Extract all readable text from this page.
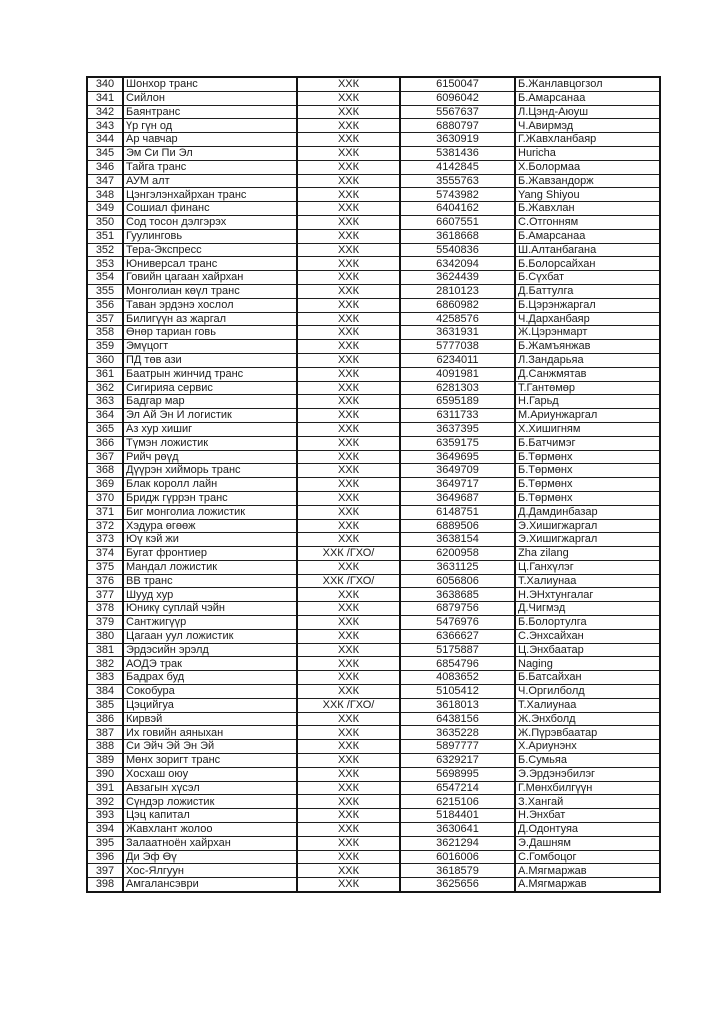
340	Шонхор транс	ХХК	6150047	Б.Жанлавцогзол
341	Сийлон	ХХК	6096042	Б.Амарсанаа
342	Баянтранс	ХХК	5567637	Л.Цэнд-Аюуш
343	Үр гүн од	ХХК	6880797	Ч.Авирмэд
344	Ар чавчар	ХХК	3630919	Г.Жавхланбаяр
345	Эм Си Пи Эл	ХХК	5381436	Huricha
346	Тайга транс	ХХК	4142845	Х.Болормаа
347	АУМ алт	ХХК	3555763	Б.Жавзандорж
348	Цэнгэлэнхайрхан транс	ХХК	5743982	Yang Shiyou
349	Сошиал финанс	ХХК	6404162	Б.Жавхлан
350	Сод тосон дэлгэрэх	ХХК	6607551	С.Отгонням
351	Гуулинговь	ХХК	3618668	Б.Амарсанаа
352	Тера-Экспресс	ХХК	5540836	Ш.Алтанбагана
353	Юниверсал транс	ХХК	6342094	Б.Болорсайхан
354	Говийн цагаан хайрхан	ХХК	3624439	Б.Сүхбат
355	Монголиан көүл транс	ХХК	2810123	Д.Баттулга
356	Таван эрдэнэ хослол	ХХК	6860982	Б.Цэрэнжаргал
357	Билигүүн аз жаргал	ХХК	4258576	Ч.Дарханбаяр
358	Өнөр тариан говь	ХХК	3631931	Ж.Цэрэнмарт
359	Эмүцогт	ХХК	5777038	Б.Жамъянжав
360	ПД төв ази	ХХК	6234011	Л.Зандарьяа
361	Баатрын жинчид транс	ХХК	4091981	Д.Санжмятав
362	Сигирияа сервис	ХХК	6281303	Т.Гантөмөр
363	Бадгар мар	ХХК	6595189	Н.Гарьд
364	Эл Ай Эн И логистик	ХХК	6311733	М.Ариунжаргал
365	Аз хур хишиг	ХХК	3637395	Х.Хишигням
366	Түмэн ложистик	ХХК	6359175	Б.Батчимэг
367	Рийч рөүд	ХХК	3649695	Б.Төрмөнх
368	Дүүрэн хийморь транс	ХХК	3649709	Б.Төрмөнх
369	Блак королл лайн	ХХК	3649717	Б.Төрмөнх
370	Бридж гүррэн транс	ХХК	3649687	Б.Төрмөнх
371	Биг монголиа ложистик	ХХК	6148751	Д.Дамдинбазар
372	Хэдура өгөөж	ХХК	6889506	Э.Хишигжаргал
373	Юү кэй жи	ХХК	3638154	Э.Хишигжаргал
374	Бугат фронтиер	ХХК /ГХО/	6200958	Zha zilang
375	Мандал ложистик	ХХК	3631125	Ц.Ганхүлэг
376	ВВ транс	ХХК /ГХО/	6056806	Т.Халиунаа
377	Шууд хур	ХХК	3638685	Н.ЭНхтунгалаг
378	Юникү суплай чэйн	ХХК	6879756	Д.Чигмэд
379	Сантжигүүр	ХХК	5476976	Б.Болортулга
380	Цагаан уул ложистик	ХХК	6366627	С.Энхсайхан
381	Эрдэсийн эрэлд	ХХК	5175887	Ц.Энхбаатар
382	АОДЭ трак	ХХК	6854796	Naging
383	Бадрах буд	ХХК	4083652	Б.Батсайхан
384	Сокобура	ХХК	5105412	Ч.Оргилболд
385	Цэцийгуа	ХХК /ГХО/	3618013	Т.Халиунаа
386	Кирвэй	ХХК	6438156	Ж.Энхболд
387	Их говийн аяныхан	ХХК	3635228	Ж.Пүрэвбаатар
388	Си Эйч Эй Эн Эй	ХХК	5897777	Х.Ариунэнх
389	Мөнх зоригт транс	ХХК	6329217	Б.Сумьяа
390	Хосхаш оюу	ХХК	5698995	Э.Эрдэнэбилэг
391	Авзагын хүсэл	ХХК	6547214	Г.Мөнхбилгүүн
392	Сүндэр ложистик	ХХК	6215106	З.Хангай
393	Цэц капитал	ХХК	5184401	Н.Энхбат
394	Жавхлант жолоо	ХХК	3630641	Д.Одонтуяа
395	Залаатноён хайрхан	ХХК	3621294	Э.Дашням
396	Ди Эф Өү	ХХК	6016006	С.Гомбоцог
397	Хос-Ялгуун	ХХК	3618579	А.Мягмаржав
398	Амгалансэври	ХХК	3625656	А.Мягмаржав
